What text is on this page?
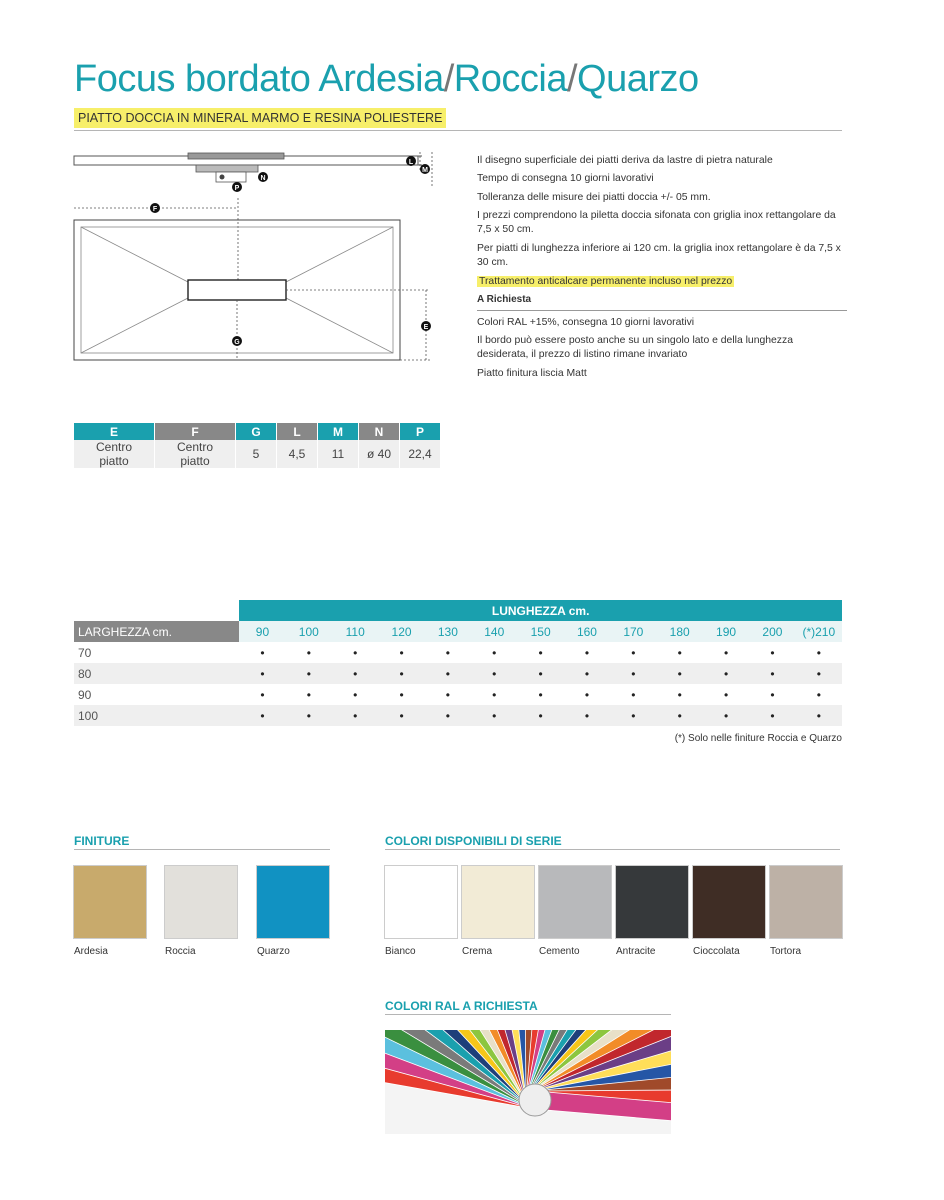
Focus bordato Ardesia/Roccia/Quarzo
PIATTO DOCCIA IN MINERAL MARMO E RESINA POLIESTERE
L
M
N
P
F
G
E

Il disegno superficiale dei piatti deriva da lastre di pietra naturale

Tempo di consegna 10 giorni lavorativi

Tolleranza delle misure dei piatti doccia +/- 05 mm.

I prezzi comprendono la piletta doccia sifonata con griglia inox rettangolare da 7,5 x 50 cm.

Per piatti di lunghezza inferiore ai 120 cm. la griglia inox rettangolare è da 7,5 x 30 cm.

Trattamento anticalcare permanente incluso nel prezzo

A Richiesta

Colori RAL +15%, consegna 10 giorni lavorativi

Il bordo può essere posto anche su un singolo lato e della lunghezza desiderata, il prezzo di listino rimane invariato

Piatto finitura liscia Matt

E	F	G	L	M	N	P
Centro piatto	Centro piatto	5	4,5	11	ø 40	22,4
	LUNGHEZZA cm.												
LARGHEZZA cm.	90	100	110	120	130	140	150	160	170	180	190	200	(*)210
70	•	•	•	•	•	•	•	•	•	•	•	•	•
80	•	•	•	•	•	•	•	•	•	•	•	•	•
90	•	•	•	•	•	•	•	•	•	•	•	•	•
100	•	•	•	•	•	•	•	•	•	•	•	•	•
(*) Solo nelle finiture Roccia e Quarzo
FINITURE
Ardesia	Roccia	Quarzo
COLORI DISPONIBILI DI SERIE
Bianco	Crema	Cemento	Antracite	Cioccolata	Tortora
COLORI RAL A RICHIESTA
